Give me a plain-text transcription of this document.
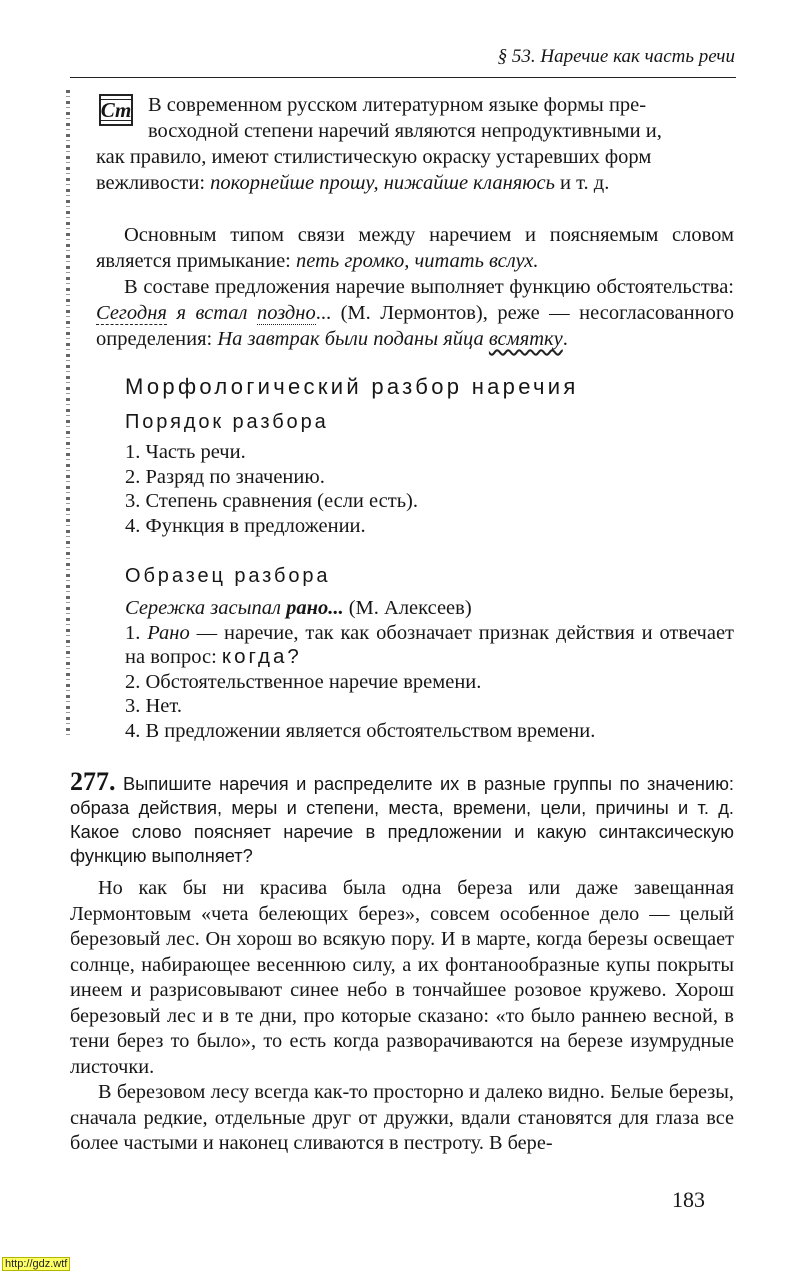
§ 53. Наречие как часть речи
Ст В современном русском литературном языке формы пре-

восходной степени наречий являются непродуктивными и,

как правило, имеют стилистическую окраску устаревших форм

вежливости: покорнейше прошу, нижайше кланяюсь и т. д.

Основным типом связи между наречием и поясняемым словом является примыкание: петь громко, читать вслух.

В составе предложения наречие выполняет функцию обстоятельства: Сегодня я встал поздно... (М. Лермонтов), реже — несогласованного определения: На завтрак были поданы яйца всмятку.

Морфологический разбор наречия
Порядок разбора
1. Часть речи.
2. Разряд по значению.
3. Степень сравнения (если есть).
4. Функция в предложении.
Образец разбора
Сережка засыпал рано... (М. Алексеев)
1. Рано — наречие, так как обозначает признак действия и отвечает на вопрос: когда?
2. Обстоятельственное наречие времени.
3. Нет.
4. В предложении является обстоятельством времени.
277. Выпишите наречия и распределите их в разные группы по значению: образа действия, меры и степени, места, времени, цели, причины и т. д. Какое слово поясняет наречие в предложении и какую синтаксическую функцию выполняет?

Но как бы ни красива была одна береза или даже завещанная Лермонтовым «чета белеющих берез», совсем особенное дело — целый березовый лес. Он хорош во всякую пору. И в марте, когда березы освещает солнце, набирающее весеннюю силу, а их фонтанообразные купы покрыты инеем и разрисовывают синее небо в тончайшее розовое кружево. Хорош березовый лес и в те дни, про которые сказано: «то было раннею весной, в тени берез то было», то есть когда разворачиваются на березе изумрудные листочки.

В березовом лесу всегда как-то просторно и далеко видно. Белые березы, сначала редкие, отдельные друг от дружки, вдали становятся для глаза все более частыми и наконец сливаются в пестроту. В бере-

183
http://gdz.wtf
